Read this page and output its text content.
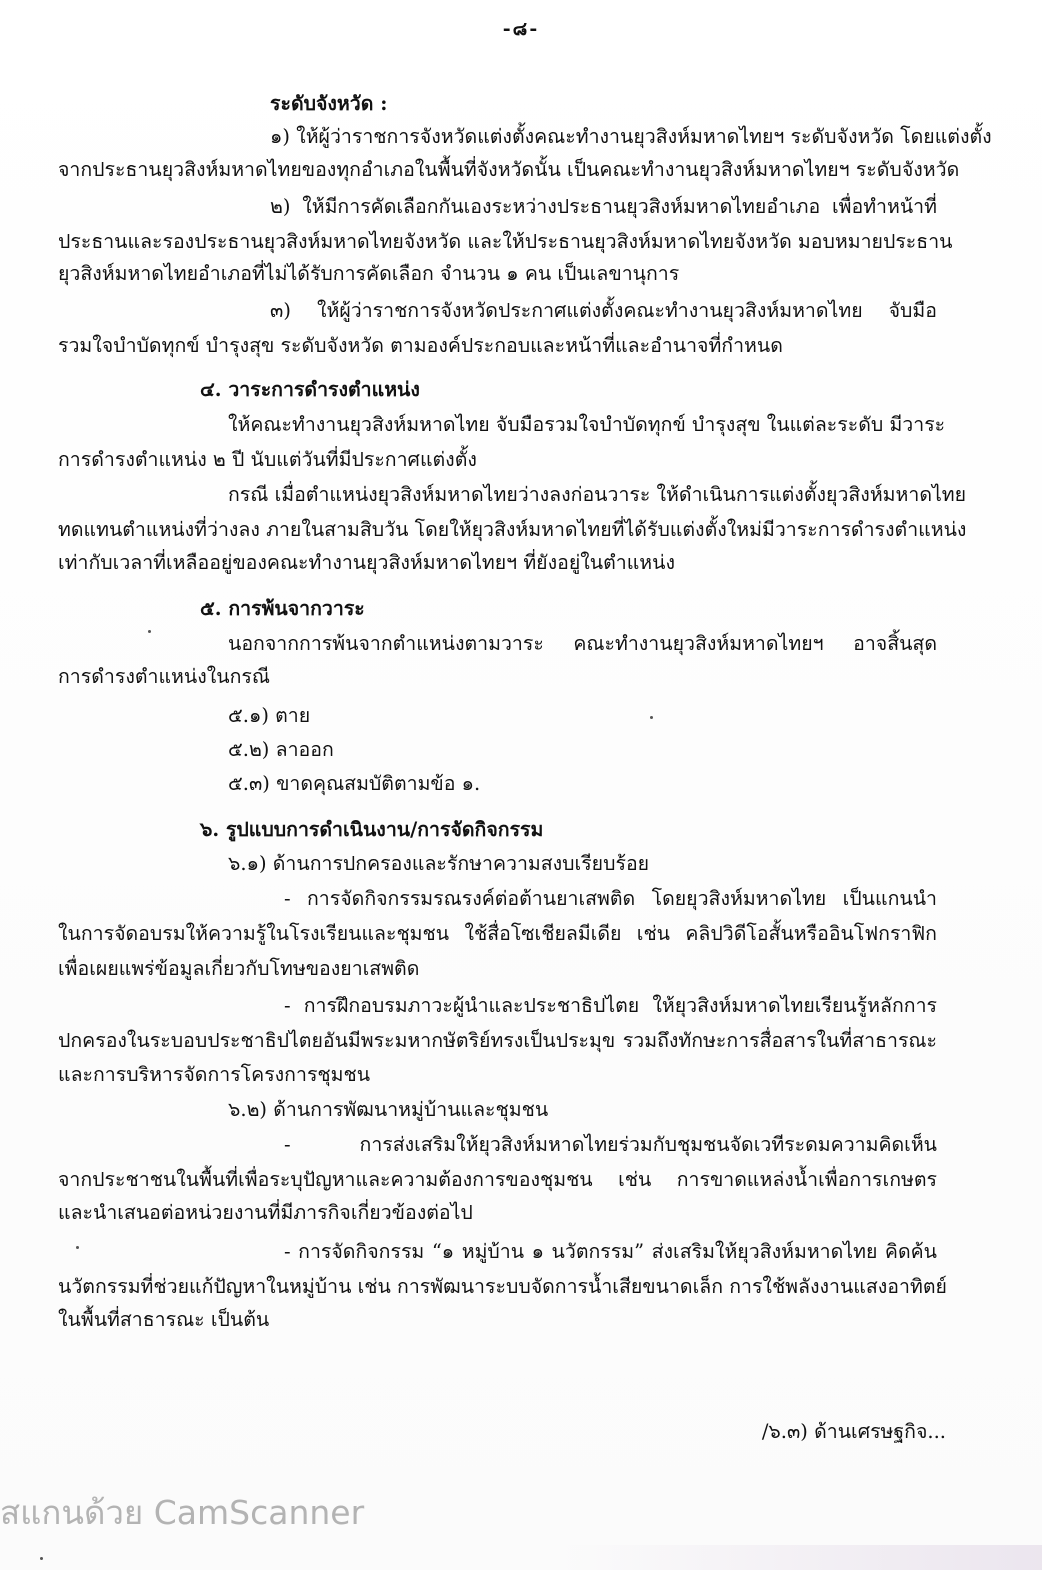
-๘-
ระดับจังหวัด :
๑) ให้ผู้ว่าราชการจังหวัดแต่งตั้งคณะทำงานยุวสิงห์มหาดไทยฯ ระดับจังหวัด โดยแต่งตั้ง
จากประธานยุวสิงห์มหาดไทยของทุกอำเภอในพื้นที่จังหวัดนั้น เป็นคณะทำงานยุวสิงห์มหาดไทยฯ ระดับจังหวัด
๒) ให้มีการคัดเลือกกันเองระหว่างประธานยุวสิงห์มหาดไทยอำเภอ เพื่อทำหน้าที่
ประธานและรองประธานยุวสิงห์มหาดไทยจังหวัด และให้ประธานยุวสิงห์มหาดไทยจังหวัด มอบหมายประธาน
ยุวสิงห์มหาดไทยอำเภอที่ไม่ได้รับการคัดเลือก จำนวน ๑ คน เป็นเลขานุการ
๓) ให้ผู้ว่าราชการจังหวัดประกาศแต่งตั้งคณะทำงานยุวสิงห์มหาดไทย จับมือ
รวมใจบำบัดทุกข์ บำรุงสุข ระดับจังหวัด ตามองค์ประกอบและหน้าที่และอำนาจที่กำหนด
๔. วาระการดำรงตำแหน่ง
ให้คณะทำงานยุวสิงห์มหาดไทย จับมือรวมใจบำบัดทุกข์ บำรุงสุข ในแต่ละระดับ มีวาระ
การดำรงตำแหน่ง ๒ ปี นับแต่วันที่มีประกาศแต่งตั้ง
กรณี เมื่อตำแหน่งยุวสิงห์มหาดไทยว่างลงก่อนวาระ ให้ดำเนินการแต่งตั้งยุวสิงห์มหาดไทย
ทดแทนตำแหน่งที่ว่างลง ภายในสามสิบวัน โดยให้ยุวสิงห์มหาดไทยที่ได้รับแต่งตั้งใหม่มีวาระการดำรงตำแหน่ง
เท่ากับเวลาที่เหลืออยู่ของคณะทำงานยุวสิงห์มหาดไทยฯ ที่ยังอยู่ในตำแหน่ง
๕. การพ้นจากวาระ
นอกจากการพ้นจากตำแหน่งตามวาระ คณะทำงานยุวสิงห์มหาดไทยฯ อาจสิ้นสุด
การดำรงตำแหน่งในกรณี
๕.๑) ตาย
๕.๒) ลาออก
๕.๓) ขาดคุณสมบัติตามข้อ ๑.
๖. รูปแบบการดำเนินงาน/การจัดกิจกรรม
๖.๑) ด้านการปกครองและรักษาความสงบเรียบร้อย
- การจัดกิจกรรมรณรงค์ต่อต้านยาเสพติด โดยยุวสิงห์มหาดไทย เป็นแกนนำ
ในการจัดอบรมให้ความรู้ในโรงเรียนและชุมชน ใช้สื่อโซเชียลมีเดีย เช่น คลิปวิดีโอสั้นหรืออินโฟกราฟิก
เพื่อเผยแพร่ข้อมูลเกี่ยวกับโทษของยาเสพติด
- การฝึกอบรมภาวะผู้นำและประชาธิปไตย ให้ยุวสิงห์มหาดไทยเรียนรู้หลักการ
ปกครองในระบอบประชาธิปไตยอันมีพระมหากษัตริย์ทรงเป็นประมุข รวมถึงทักษะการสื่อสารในที่สาธารณะ
และการบริหารจัดการโครงการชุมชน
๖.๒) ด้านการพัฒนาหมู่บ้านและชุมชน
- การส่งเสริมให้ยุวสิงห์มหาดไทยร่วมกับชุมชนจัดเวทีระดมความคิดเห็น
จากประชาชนในพื้นที่เพื่อระบุปัญหาและความต้องการของชุมชน เช่น การขาดแหล่งน้ำเพื่อการเกษตร
และนำเสนอต่อหน่วยงานที่มีภารกิจเกี่ยวข้องต่อไป
- การจัดกิจกรรม “๑ หมู่บ้าน ๑ นวัตกรรม” ส่งเสริมให้ยุวสิงห์มหาดไทย คิดค้น
นวัตกรรมที่ช่วยแก้ปัญหาในหมู่บ้าน เช่น การพัฒนาระบบจัดการน้ำเสียขนาดเล็ก การใช้พลังงานแสงอาทิตย์
ในพื้นที่สาธารณะ เป็นต้น
/๖.๓) ด้านเศรษฐกิจ...
สแกนด้วย CamScanner
